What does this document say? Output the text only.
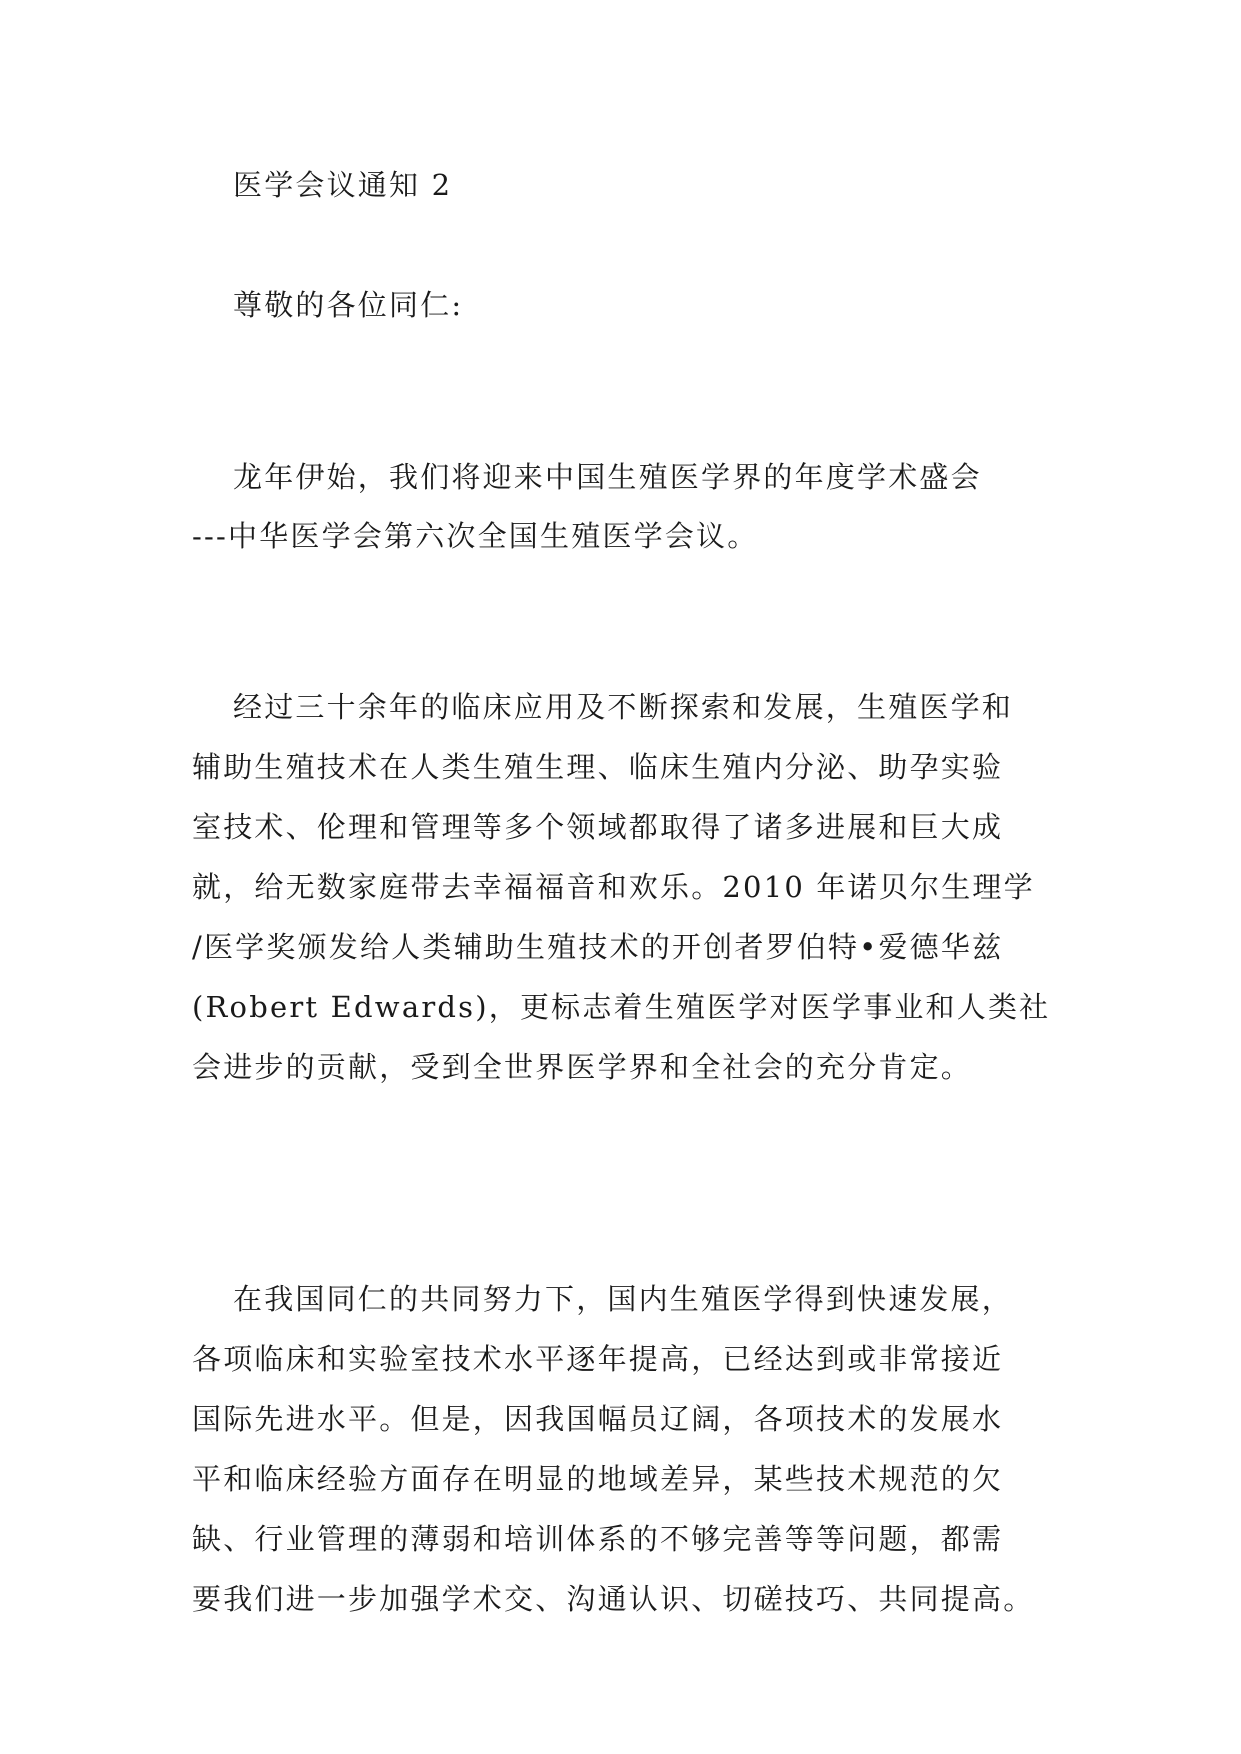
医学会议通知 2

尊敬的各位同仁:

龙年伊始，我们将迎来中国生殖医学界的年度学术盛会

---中华医学会第六次全国生殖医学会议。

经过三十余年的临床应用及不断探索和发展，生殖医学和

辅助生殖技术在人类生殖生理、临床生殖内分泌、助孕实验

室技术、伦理和管理等多个领域都取得了诸多进展和巨大成

就，给无数家庭带去幸福福音和欢乐。2010 年诺贝尔生理学

/医学奖颁发给人类辅助生殖技术的开创者罗伯特•爱德华兹

(Robert Edwards)，更标志着生殖医学对医学事业和人类社

会进步的贡献，受到全世界医学界和全社会的充分肯定。

在我国同仁的共同努力下，国内生殖医学得到快速发展，

各项临床和实验室技术水平逐年提高，已经达到或非常接近

国际先进水平。但是，因我国幅员辽阔，各项技术的发展水

平和临床经验方面存在明显的地域差异，某些技术规范的欠

缺、行业管理的薄弱和培训体系的不够完善等等问题，都需

要我们进一步加强学术交、沟通认识、切磋技巧、共同提高。
